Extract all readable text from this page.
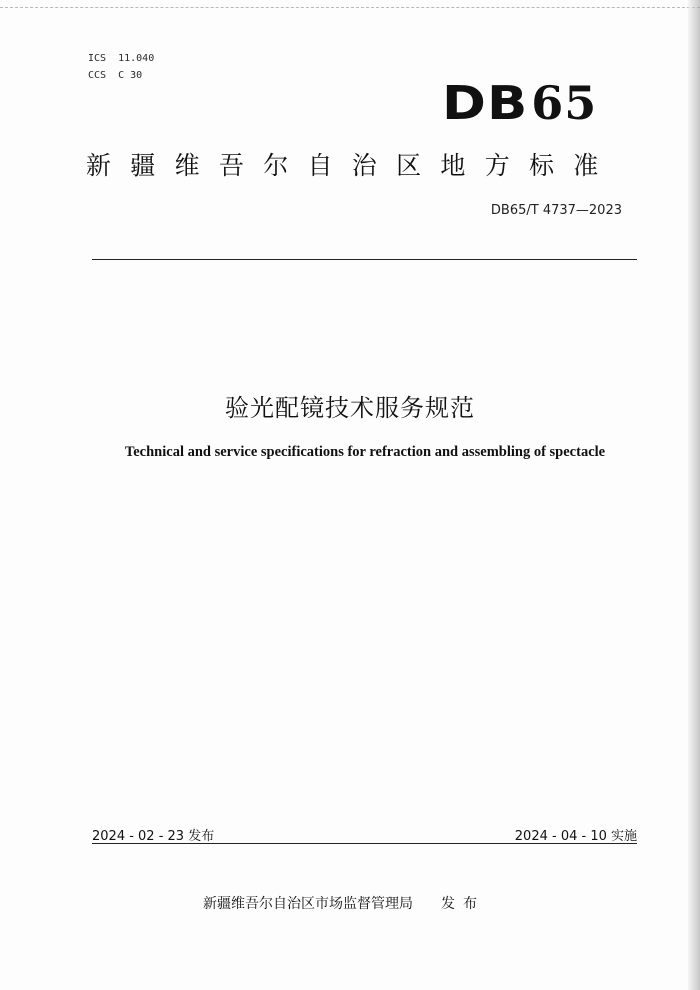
ICS  11.040
CCS  C 30
DB65
新疆维吾尔自治区地方标准
DB65/T 4737—2023
验光配镜技术服务规范
Technical and service specifications for refraction and assembling of spectacle
2024 - 02 - 23 发布	2024 - 04 - 10 实施
新疆维吾尔自治区市场监督管理局 发布
